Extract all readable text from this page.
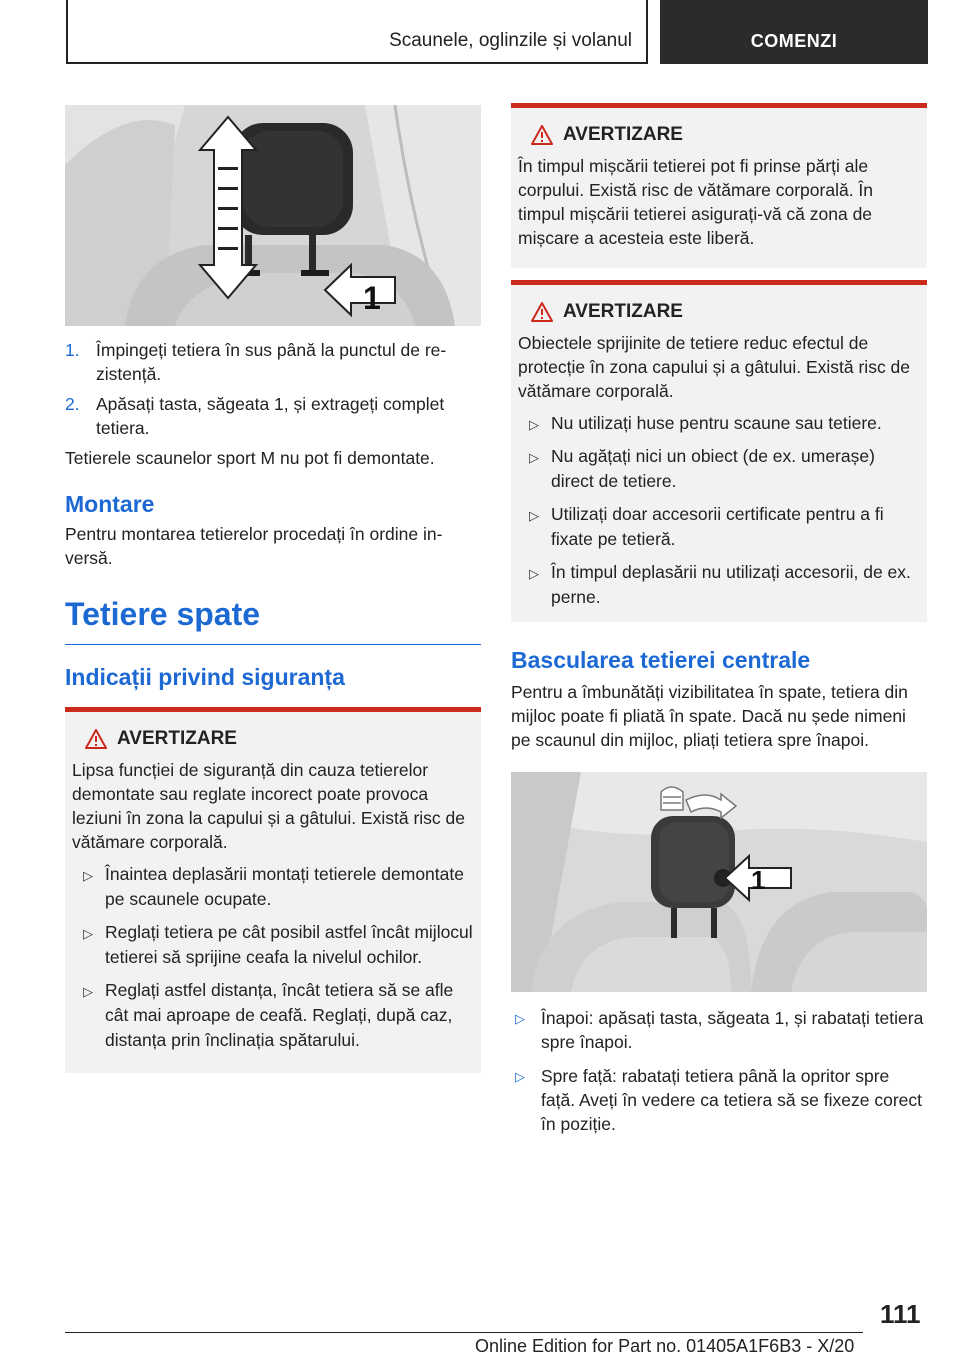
Scaunele, oglinzile și volanul	COMENZI
1
1. Împingeți tetiera în sus până la punctul de rezistență.
2. Apăsați tasta, săgeata 1, și extrageți complet tetiera.

Tetierele scaunelor sport M nu pot fi demontate.

Montare

Pentru montarea tetierelor procedați în ordine inversă.

Tetiere spate
Indicații privind siguranța
AVERTIZARE

Lipsa funcției de siguranță din cauza tetierelor demontate sau reglate incorect poate provoca leziuni în zona la capului și a gâtului. Există risc de vătămare corporală.

▷ Înaintea deplasării montați tetierele demontate pe scaunele ocupate.
▷ Reglați tetiera pe cât posibil astfel încât mijlocul tetierei să sprijine ceafa la nivelul ochilor.
▷ Reglați astfel distanța, încât tetiera să se afle cât mai aproape de ceafă. Reglați, după caz, distanța prin înclinația spătarului.
AVERTIZARE

În timpul mișcării tetierei pot fi prinse părți ale corpului. Există risc de vătămare corporală. În timpul mișcării tetierei asigurați-vă că zona de mișcare a acesteia este liberă.

AVERTIZARE

Obiectele sprijinite de tetiere reduc efectul de protecție în zona capului și a gâtului. Există risc de vătămare corporală.

▷ Nu utilizați huse pentru scaune sau tetiere.
▷ Nu agățați nici un obiect (de ex. umerașe) direct de tetiere.
▷ Utilizați doar accesorii certificate pentru a fi fixate pe tetieră.
▷ În timpul deplasării nu utilizați accesorii, de ex. perne.
Bascularea tetierei centrale

Pentru a îmbunătăți vizibilitatea în spate, tetiera din mijloc poate fi pliată în spate. Dacă nu șede nimeni pe scaunul din mijloc, pliați tetiera spre înapoi.

1
▷ Înapoi: apăsați tasta, săgeata 1, și rabatați tetiera spre înapoi.
▷ Spre față: rabatați tetiera până la opritor spre față. Aveți în vedere ca tetiera să se fixeze corect în poziție.
111
Online Edition for Part no. 01405A1F6B3 - X/20
